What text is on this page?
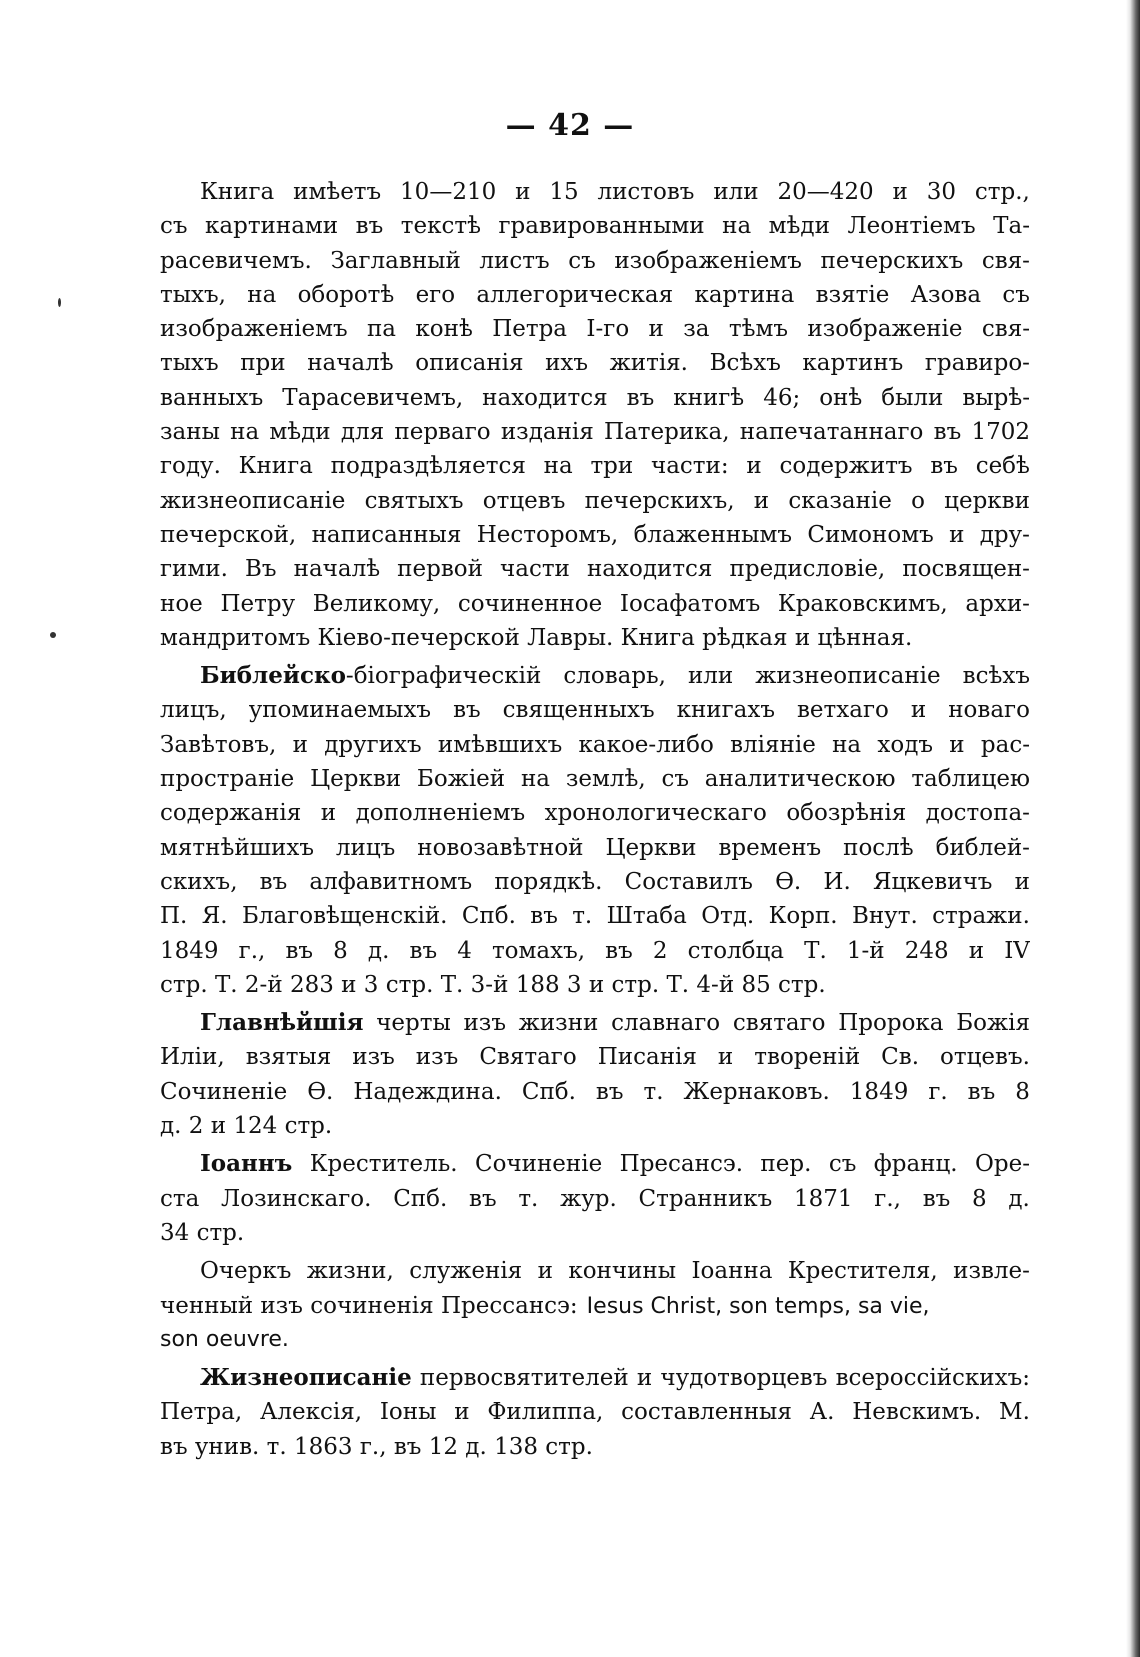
— 42 —
Книга имѣетъ 10—210 и 15 листовъ или 20—420 и 30 стр.,
съ картинами въ текстѣ гравированными на мѣди Леонтіемъ Та-
расевичемъ. Заглавный листъ съ изображеніемъ печерскихъ свя-
тыхъ, на оборотѣ его аллегорическая картина взятіе Азова съ
изображеніемъ па конѣ Петра I-го и за тѣмъ изображеніе свя-
тыхъ при началѣ описанія ихъ житія. Всѣхъ картинъ гравиро-
ванныхъ Тарасевичемъ, находится въ книгѣ 46; онѣ были вырѣ-
заны на мѣди для перваго изданія Патерика, напечатаннаго въ 1702
году. Книга подраздѣляется на три части: и содержитъ въ себѣ
жизнеописаніе святыхъ отцевъ печерскихъ, и сказаніе о церкви
печерской, написанныя Несторомъ, блаженнымъ Симономъ и дру-
гими. Въ началѣ первой части находится предисловіе, посвящен-
ное Петру Великому, сочиненное Іосафатомъ Краковскимъ, архи-
мандритомъ Кіево-печерской Лавры. Книга рѣдкая и цѣнная.
Библейско-біографическій словарь, или жизнеописаніе всѣхъ
лицъ, упоминаемыхъ въ священныхъ книгахъ ветхаго и новаго
Завѣтовъ, и другихъ имѣвшихъ какое-либо вліяніе на ходъ и рас-
пространіе Церкви Божіей на землѣ, съ аналитическою таблицею
содержанія и дополненіемъ хронологическаго обозрѣнія достопа-
мятнѣйшихъ лицъ новозавѣтной Церкви временъ послѣ библей-
скихъ, въ алфавитномъ порядкѣ. Составилъ Ѳ. И. Яцкевичъ и
П. Я. Благовѣщенскій. Спб. въ т. Штаба Отд. Корп. Внут. стражи.
1849 г., въ 8 д. въ 4 томахъ, въ 2 столбца Т. 1-й 248 и IV
стр. Т. 2-й 283 и 3 стр. Т. 3-й 188 3 и стр. Т. 4-й 85 стр.
Главнѣйшія черты изъ жизни славнаго святаго Пророка Божія
Иліи, взятыя изъ изъ Святаго Писанія и твореній Св. отцевъ.
Сочиненіе Ѳ. Надеждина. Спб. въ т. Жернаковъ. 1849 г. въ 8
д. 2 и 124 стр.
Іоаннъ Креститель. Сочиненіе Пресансэ. пер. съ франц. Оре-
ста Лозинскаго. Спб. въ т. жур. Странникъ 1871 г., въ 8 д.
34 стр.
Очеркъ жизни, служенія и кончины Іоанна Крестителя, извле-
ченный изъ сочиненія Прессансэ: Iesus Christ, son temps, sa vie,
son oeuvre.
Жизнеописаніе первосвятителей и чудотворцевъ всероссійскихъ:
Петра, Алексія, Іоны и Филиппа, составленныя А. Невскимъ. М.
въ унив. т. 1863 г., въ 12 д. 138 стр.
